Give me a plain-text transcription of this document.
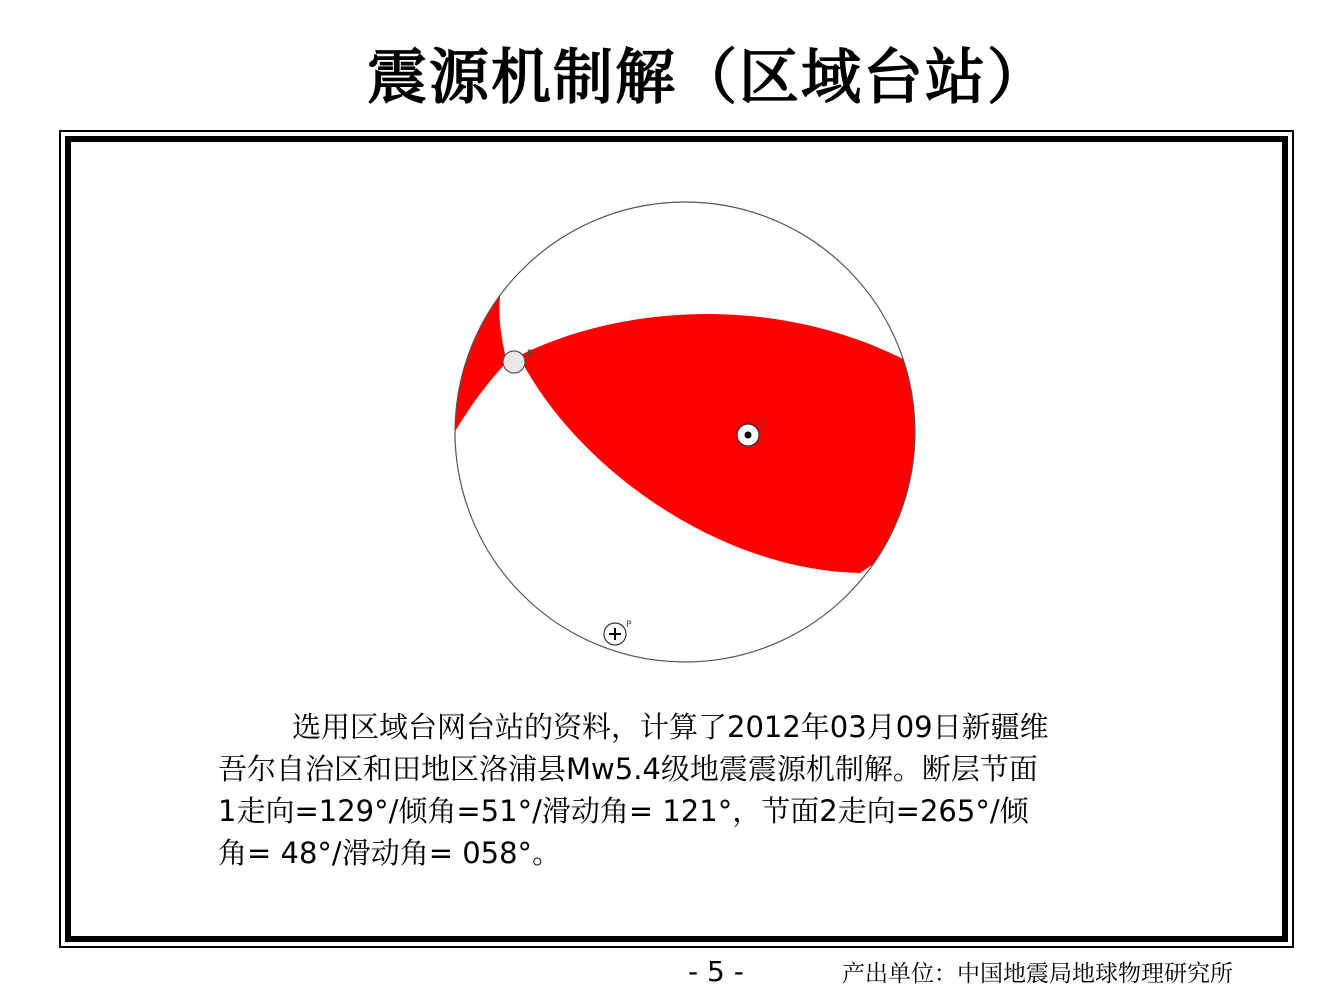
震源机制解（区域台站）
B
T
P

选用区域台网台站的资料，计算了2012年03月09日新疆维

吾尔自治区和田地区洛浦县Mw5.4级地震震源机制解。断层节面

1走向=129°/倾角=51°/滑动角= 121°，节面2走向=265°/倾

角= 48°/滑动角= 058°。

- 5 -	产出单位：中国地震局地球物理研究所
